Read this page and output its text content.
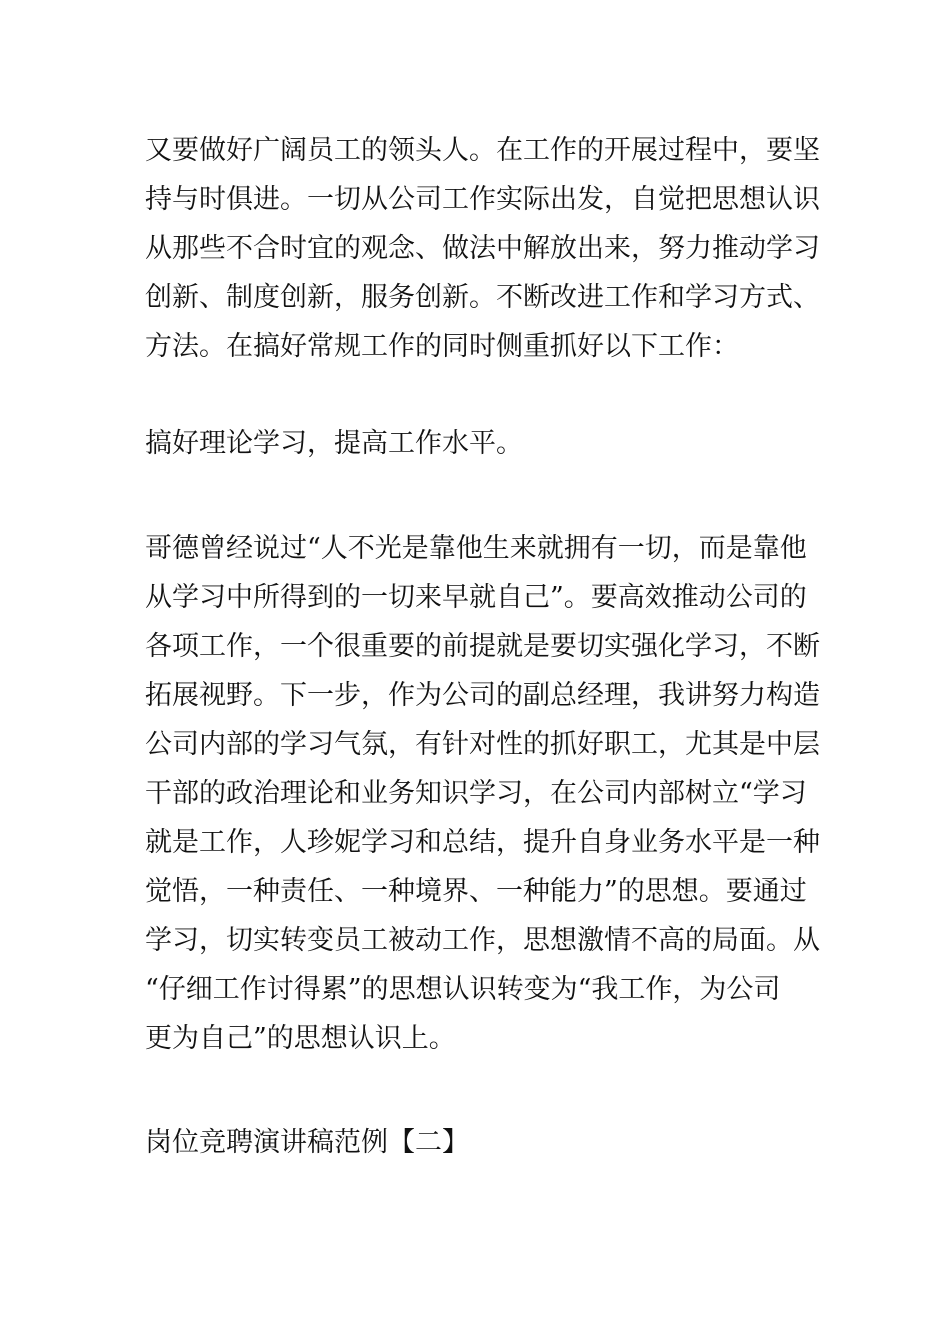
又要做好广阔员工的领头人。在工作的开展过程中，要坚
持与时俱进。一切从公司工作实际出发，自觉把思想认识
从那些不合时宜的观念、做法中解放出来，努力推动学习
创新、制度创新，服务创新。不断改进工作和学习方式、
方法。在搞好常规工作的同时侧重抓好以下工作：
搞好理论学习，提高工作水平。
哥德曾经说过“人不光是靠他生来就拥有一切，而是靠他
从学习中所得到的一切来早就自己”。要高效推动公司的
各项工作，一个很重要的前提就是要切实强化学习，不断
拓展视野。下一步，作为公司的副总经理，我讲努力构造
公司内部的学习气氛，有针对性的抓好职工，尤其是中层
干部的政治理论和业务知识学习，在公司内部树立“学习
就是工作，人珍妮学习和总结，提升自身业务水平是一种
觉悟，一种责任、一种境界、一种能力”的思想。要通过
学习，切实转变员工被动工作，思想激情不高的局面。从
“仔细工作讨得累”的思想认识转变为“我工作，为公司
更为自己”的思想认识上。
岗位竞聘演讲稿范例【二】
